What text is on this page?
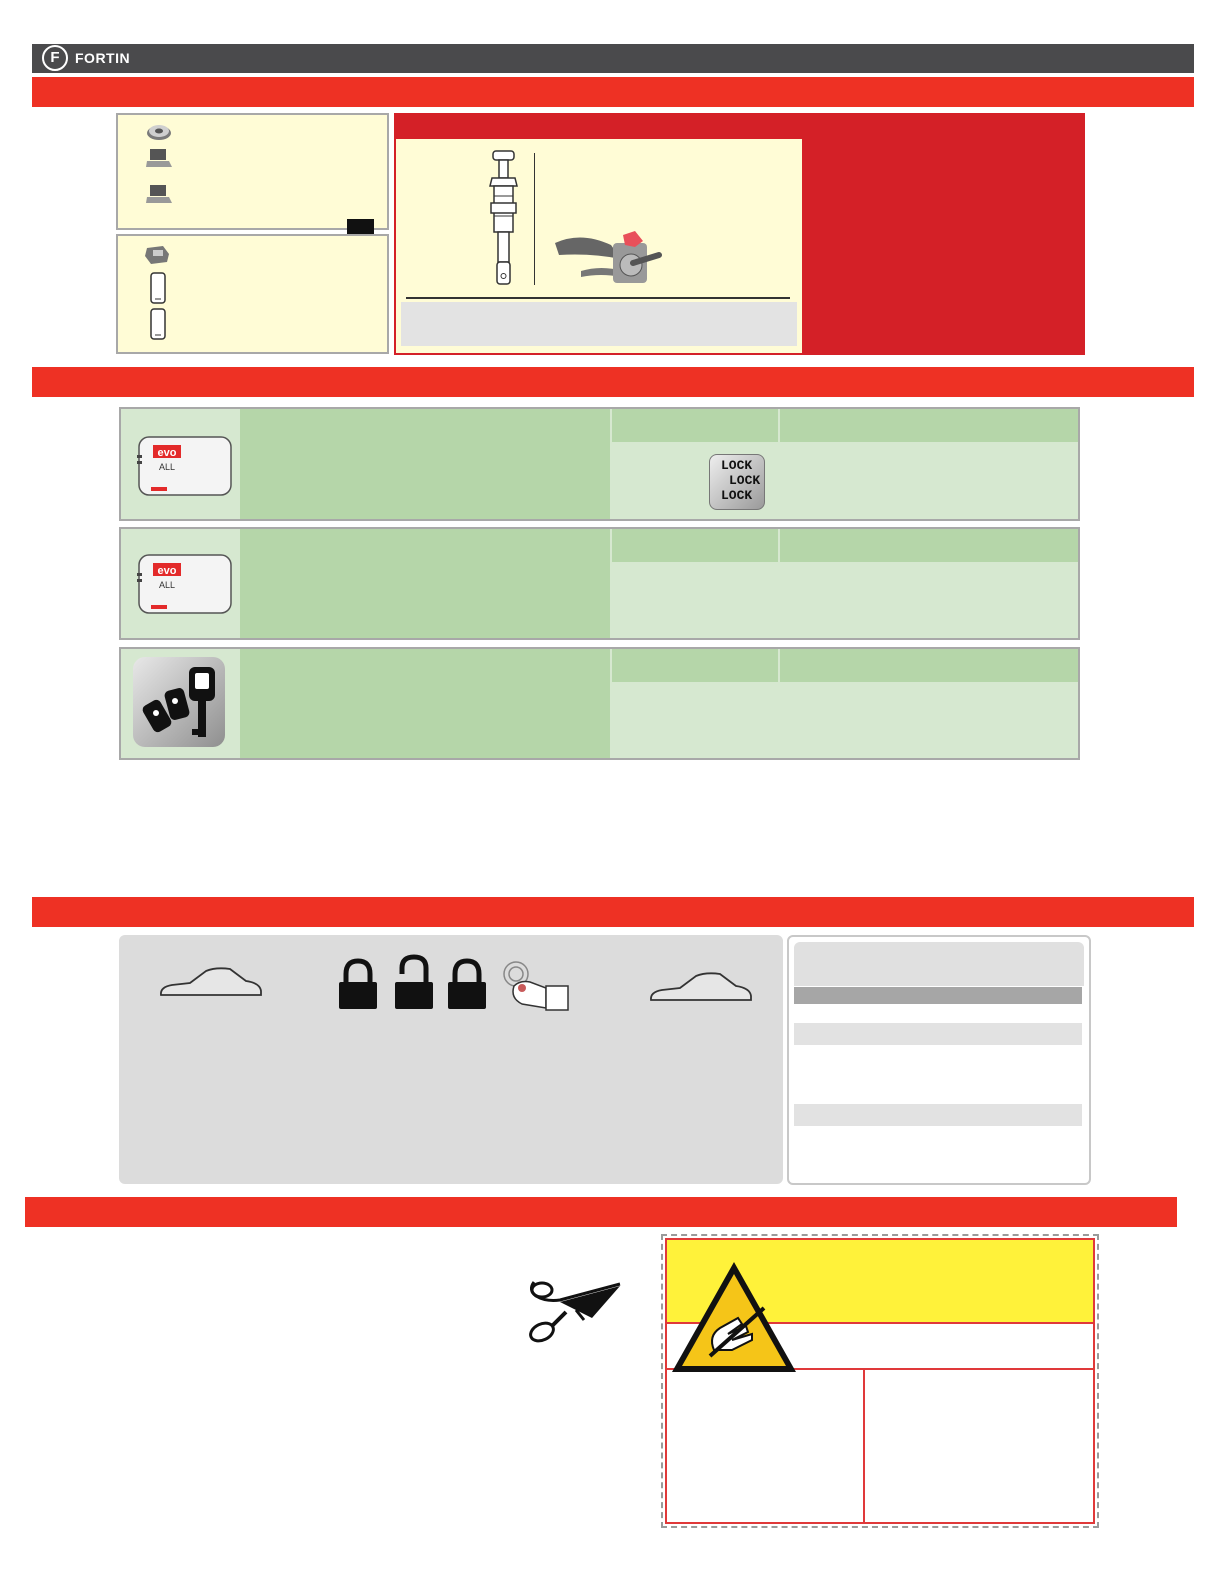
F	FORTIN
evo
ALL	LOCK
LOCK
LOCK
evo
ALL
